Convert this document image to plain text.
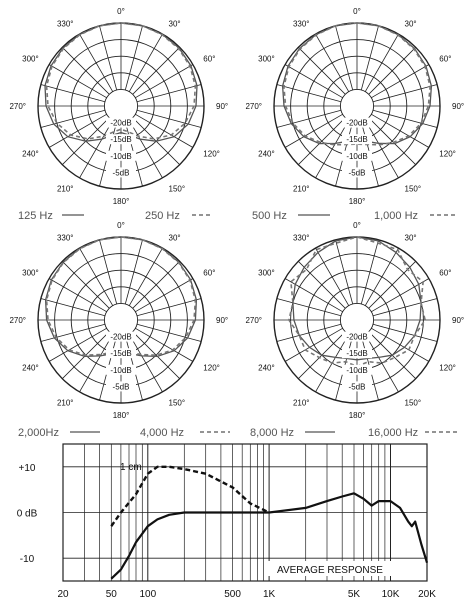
-20dB
-15dB
-10dB
-5dB
0°
30°
60°
90°
120°
150°
180°
210°
240°
270°
300°
330°
125 Hz	250 Hz
-20dB
-15dB
-10dB
-5dB
0°
30°
60°
90°
120°
150°
180°
210°
240°
270°
300°
330°
500 Hz	1,000 Hz
-20dB
-15dB
-10dB
-5dB
0°
30°
60°
90°
120°
150°
180°
210°
240°
270°
300°
330°
2,000Hz	4,000 Hz
-20dB
-15dB
-10dB
-5dB
0°
30°
60°
90°
120°
150°
180°
210°
240°
270°
300°
330°
8,000 Hz	16,000 Hz
20	50 100	500 1K	5K 10K 20K
+10
0 dB
-10
AVERAGE RESPONSE
1 cm
